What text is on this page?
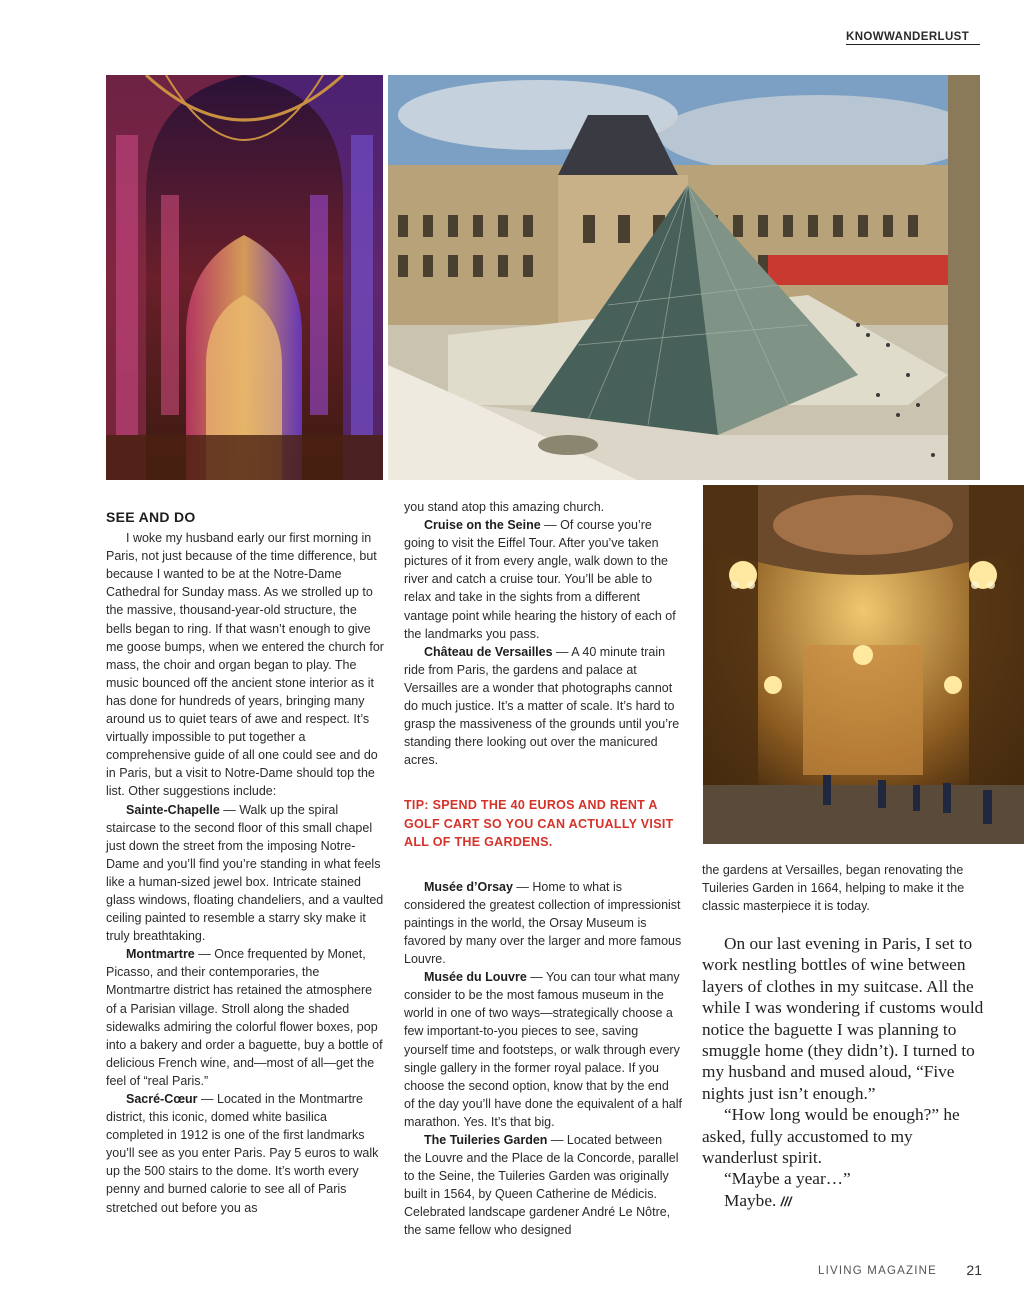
KNOWWANDERLUST

SEE AND DO

I woke my husband early our first morning in Paris, not just because of the time difference, but because I wanted to be at the Notre-Dame Cathedral for Sunday mass. As we strolled up to the massive, thousand-year-old structure, the bells began to ring. If that wasn’t enough to give me goose bumps, when we entered the church for mass, the choir and organ began to play. The music bounced off the ancient stone interior as it has done for hundreds of years, bringing many around us to quiet tears of awe and respect. It’s virtually impossible to put together a comprehensive guide of all one could see and do in Paris, but a visit to Notre-Dame should top the list. Other suggestions include:

Sainte-Chapelle — Walk up the spiral staircase to the second floor of this small chapel just down the street from the imposing Notre-Dame and you’ll find you’re standing in what feels like a human-sized jewel box. Intricate stained glass windows, floating chandeliers, and a vaulted ceiling painted to resemble a starry sky make it truly breathtaking.

Montmartre — Once frequented by Monet, Picasso, and their contemporaries, the Montmartre district has retained the atmosphere of a Parisian village. Stroll along the shaded sidewalks admiring the colorful flower boxes, pop into a bakery and order a baguette, buy a bottle of delicious French wine, and—most of all—get the feel of “real Paris.”

Sacré-Cœur — Located in the Montmartre district, this iconic, domed white basilica completed in 1912 is one of the first landmarks you’ll see as you enter Paris. Pay 5 euros to walk up the 500 stairs to the dome. It’s worth every penny and burned calorie to see all of Paris stretched out before you as

you stand atop this amazing church.

Cruise on the Seine — Of course you’re going to visit the Eiffel Tour. After you’ve taken pictures of it from every angle, walk down to the river and catch a cruise tour. You’ll be able to relax and take in the sights from a different vantage point while hearing the history of each of the landmarks you pass.

Château de Versailles — A 40 minute train ride from Paris, the gardens and palace at Versailles are a wonder that photographs cannot do much justice. It’s a matter of scale. It’s hard to grasp the massiveness of the grounds until you’re standing there looking out over the manicured acres.

TIP: SPEND THE 40 EUROS AND RENT A GOLF CART SO YOU CAN ACTUALLY VISIT ALL OF THE GARDENS.

Musée d’Orsay — Home to what is considered the greatest collection of impressionist paintings in the world, the Orsay Museum is favored by many over the larger and more famous Louvre.

Musée du Louvre — You can tour what many consider to be the most famous museum in the world in one of two ways—strategically choose a few important-to-you pieces to see, saving yourself time and footsteps, or walk through every single gallery in the former royal palace. If you choose the second option, know that by the end of the day you’ll have done the equivalent of a half marathon. Yes. It’s that big.

The Tuileries Garden — Located between the Louvre and the Place de la Concorde, parallel to the Seine, the Tuileries Garden was originally built in 1564, by Queen Catherine de Médicis. Celebrated landscape gardener André Le Nôtre, the same fellow who designed

the gardens at Versailles, began renovating the Tuileries Garden in 1664, helping to make it the classic masterpiece it is today.

On our last evening in Paris, I set to work nestling bottles of wine between layers of clothes in my suitcase. All the while I was wondering if customs would notice the baguette I was planning to smuggle home (they didn’t). I turned to my husband and mused aloud, “Five nights just isn’t enough.”

“How long would be enough?” he asked, fully accustomed to my wanderlust spirit.

“Maybe a year…”

Maybe. ///

LIVING MAGAZINE 21
